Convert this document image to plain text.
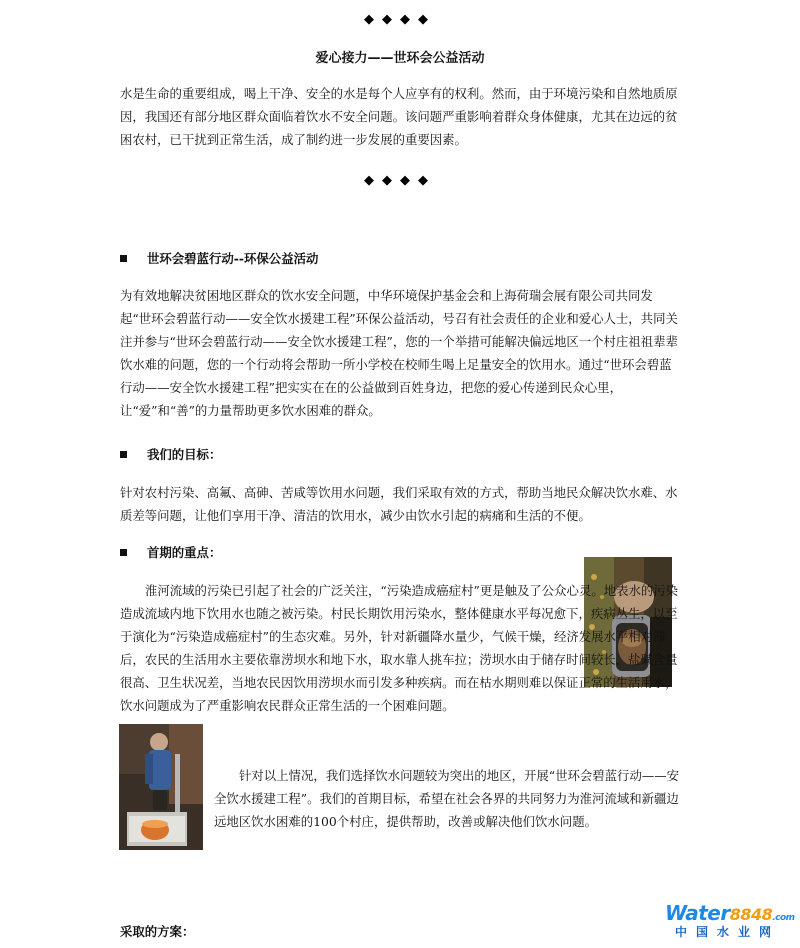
◆◆◆◆
爱心接力——世环会公益活动

水是生命的重要组成，喝上干净、安全的水是每个人应享有的权利。然而，由于环境污染和自然地质原因，我国还有部分地区群众面临着饮水不安全问题。该问题严重影响着群众身体健康，尤其在边远的贫困农村，已干扰到正常生活，成了制约进一步发展的重要因素。

◆◆◆◆
世环会碧蓝行动--环保公益活动

为有效地解决贫困地区群众的饮水安全问题，中华环境保护基金会和上海荷瑞会展有限公司共同发起“世环会碧蓝行动——安全饮水援建工程”环保公益活动，号召有社会责任的企业和爱心人士，共同关注并参与“世环会碧蓝行动——安全饮水援建工程”，您的一个举措可能解决偏远地区一个村庄祖祖辈辈饮水难的问题，您的一个行动将会帮助一所小学校在校师生喝上足量安全的饮用水。通过“世环会碧蓝行动——安全饮水援建工程”把实实在在的公益做到百姓身边，把您的爱心传递到民众心里，让“爱”和“善”的力量帮助更多饮水困难的群众。

我们的目标：

针对农村污染、高氟、高砷、苦咸等饮用水问题，我们采取有效的方式，帮助当地民众解决饮水难、水质差等问题，让他们享用干净、清洁的饮用水，减少由饮水引起的病痛和生活的不便。

首期的重点：

淮河流域的污染已引起了社会的广泛关注，“污染造成癌症村”更是触及了公众心灵。地表水的污染造成流域内地下饮用水也随之被污染。村民长期饮用污染水，整体健康水平每况愈下，疾病丛生，以至于演化为“污染造成癌症村”的生态灾难。另外，针对新疆降水量少，气候干燥，经济发展水平相对滞后，农民的生活用水主要依靠涝坝水和地下水，取水靠人挑车拉；涝坝水由于储存时间较长，盐碱含量很高、卫生状况差，当地农民因饮用涝坝水而引发多种疾病。而在枯水期则难以保证正常的生活用水，饮水问题成为了严重影响农民群众正常生活的一个困难问题。

针对以上情况，我们选择饮水问题较为突出的地区，开展“世环会碧蓝行动——安全饮水援建工程”。我们的首期目标，希望在社会各界的共同努力为淮河流域和新疆边远地区饮水困难的100个村庄，提供帮助，改善或解决他们饮水问题。

采取的方案：
Water8848.com
中国水业网
